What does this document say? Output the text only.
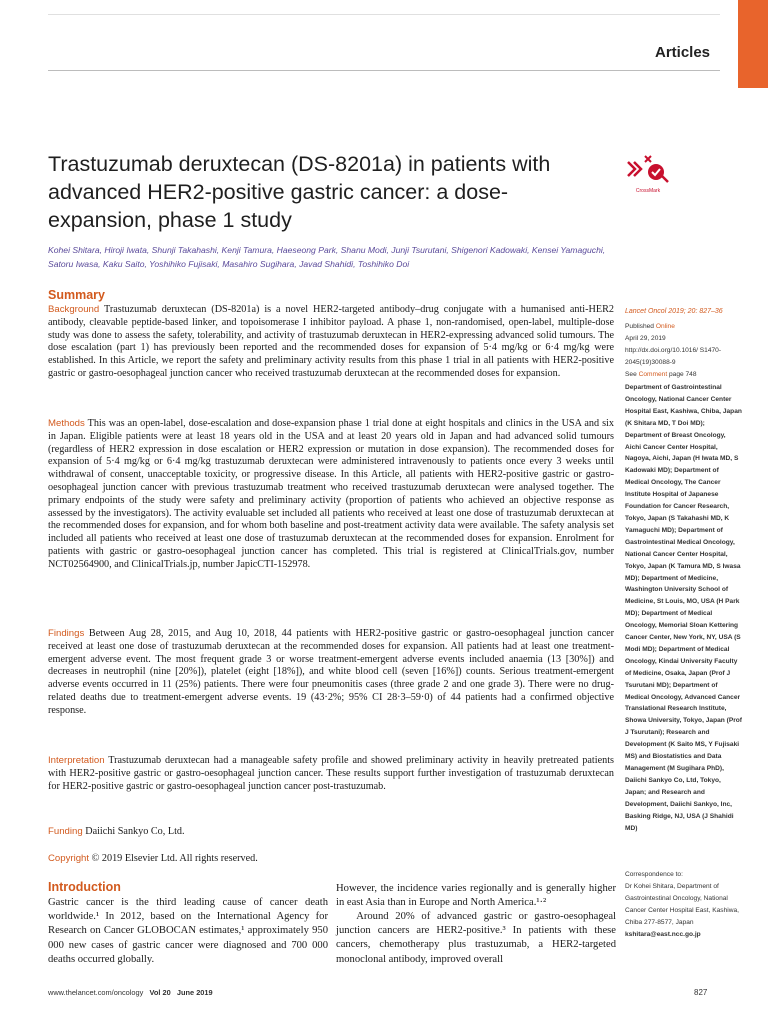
Articles
Trastuzumab deruxtecan (DS-8201a) in patients with advanced HER2-positive gastric cancer: a dose-expansion, phase 1 study
CrossMark
Kohei Shitara, Hiroji Iwata, Shunji Takahashi, Kenji Tamura, Haeseong Park, Shanu Modi, Junji Tsurutani, Shigenori Kadowaki, Kensei Yamaguchi, Satoru Iwasa, Kaku Saito, Yoshihiko Fujisaki, Masahiro Sugihara, Javad Shahidi, Toshihiko Doi
Summary

Background Trastuzumab deruxtecan (DS-8201a) is a novel HER2-targeted antibody–drug conjugate with a humanised anti-HER2 antibody, cleavable peptide-based linker, and topoisomerase I inhibitor payload. A phase 1, non-randomised, open-label, multiple-dose study was done to assess the safety, tolerability, and activity of trastuzumab deruxtecan in HER2-expressing advanced solid tumours. The dose escalation (part 1) has previously been reported and the recommended doses for expansion of 5·4 mg/kg or 6·4 mg/kg were established. In this Article, we report the safety and preliminary activity results from this phase 1 trial in all patients with HER2-positive gastric or gastro-oesophageal junction cancer who received trastuzumab deruxtecan at the recommended doses for expansion.

Methods This was an open-label, dose-escalation and dose-expansion phase 1 trial done at eight hospitals and clinics in the USA and six in Japan. Eligible patients were at least 18 years old in the USA and at least 20 years old in Japan and had advanced solid tumours (regardless of HER2 expression in dose escalation or HER2 expression or mutation in dose expansion). The recommended doses for expansion of 5·4 mg/kg or 6·4 mg/kg trastuzumab deruxtecan were administered intravenously to patients once every 3 weeks until withdrawal of consent, unacceptable toxicity, or progressive disease. In this Article, all patients with HER2-positive gastric or gastro-oesophageal junction cancer with previous trastuzumab treatment who received trastuzumab deruxtecan were analysed together. The primary endpoints of the study were safety and preliminary activity (proportion of patients who achieved an objective response as assessed by the investigators). The activity evaluable set included all patients who received at least one dose of trastuzumab deruxtecan at the recommended doses for expansion, and for whom both baseline and post-treatment activity data were available. The safety analysis set included all patients who received at least one dose of trastuzumab deruxtecan at the recommended doses for expansion. Enrolment for patients with gastric or gastro-oesophageal junction cancer has completed. This trial is registered at ClinicalTrials.gov, number NCT02564900, and ClinicalTrials.jp, number JapicCTI-152978.

Findings Between Aug 28, 2015, and Aug 10, 2018, 44 patients with HER2-positive gastric or gastro-oesophageal junction cancer received at least one dose of trastuzumab deruxtecan at the recommended doses for expansion. All patients had at least one treatment-emergent adverse event. The most frequent grade 3 or worse treatment-emergent adverse events included anaemia (13 [30%]) and decreases in neutrophil (nine [20%]), platelet (eight [18%]), and white blood cell (seven [16%]) counts. Serious treatment-emergent adverse events occurred in 11 (25%) patients. There were four pneumonitis cases (three grade 2 and one grade 3). There were no drug-related deaths due to treatment-emergent adverse events. 19 (43·2%; 95% CI 28·3–59·0) of 44 patients had a confirmed objective response.

Interpretation Trastuzumab deruxtecan had a manageable safety profile and showed preliminary activity in heavily pretreated patients with HER2-positive gastric or gastro-oesophageal junction cancer. These results support further investigation of trastuzumab deruxtecan for HER2-positive gastric or gastro-oesophageal junction cancer post-trastuzumab.

Funding Daiichi Sankyo Co, Ltd.

Copyright © 2019 Elsevier Ltd. All rights reserved.

Introduction

Gastric cancer is the third leading cause of cancer death worldwide.¹ In 2012, based on the International Agency for Research on Cancer GLOBOCAN estimates,¹ approximately 950 000 new cases of gastric cancer were diagnosed and 700 000 deaths occurred globally.

However, the incidence varies regionally and is generally higher in east Asia than in Europe and North America.¹·²

Around 20% of advanced gastric or gastro-oesophageal junction cancers are HER2-positive.³ In patients with these cancers, chemotherapy plus trastuzumab, a HER2-targeted monoclonal antibody, improved overall

Lancet Oncol 2019; 20: 827–36

Published Online
April 29, 2019
http://dx.doi.org/10.1016/ S1470-2045(19)30088-9
See Comment page 748

Department of Gastrointestinal Oncology, National Cancer Center Hospital East, Kashiwa, Chiba, Japan (K Shitara MD, T Doi MD); Department of Breast Oncology, Aichi Cancer Center Hospital, Nagoya, Aichi, Japan (H Iwata MD, S Kadowaki MD); Department of Medical Oncology, The Cancer Institute Hospital of Japanese Foundation for Cancer Research, Tokyo, Japan (S Takahashi MD, K Yamaguchi MD); Department of Gastrointestinal Medical Oncology, National Cancer Center Hospital, Tokyo, Japan (K Tamura MD, S Iwasa MD); Department of Medicine, Washington University School of Medicine, St Louis, MO, USA (H Park MD); Department of Medical Oncology, Memorial Sloan Kettering Cancer Center, New York, NY, USA (S Modi MD); Department of Medical Oncology, Kindai University Faculty of Medicine, Osaka, Japan (Prof J Tsurutani MD); Department of Medical Oncology, Advanced Cancer Translational Research Institute, Showa University, Tokyo, Japan (Prof J Tsurutani); Research and Development (K Saito MS, Y Fujisaki MS) and Biostatistics and Data Management (M Sugihara PhD), Daiichi Sankyo Co, Ltd, Tokyo, Japan; and Research and Development, Daiichi Sankyo, Inc, Basking Ridge, NJ, USA (J Shahidi MD)

Correspondence to:
Dr Kohei Shitara, Department of Gastrointestinal Oncology, National Cancer Center Hospital East, Kashiwa, Chiba 277-8577, Japan
kshitara@east.ncc.go.jp

www.thelancet.com/oncology Vol 20 June 2019	827
